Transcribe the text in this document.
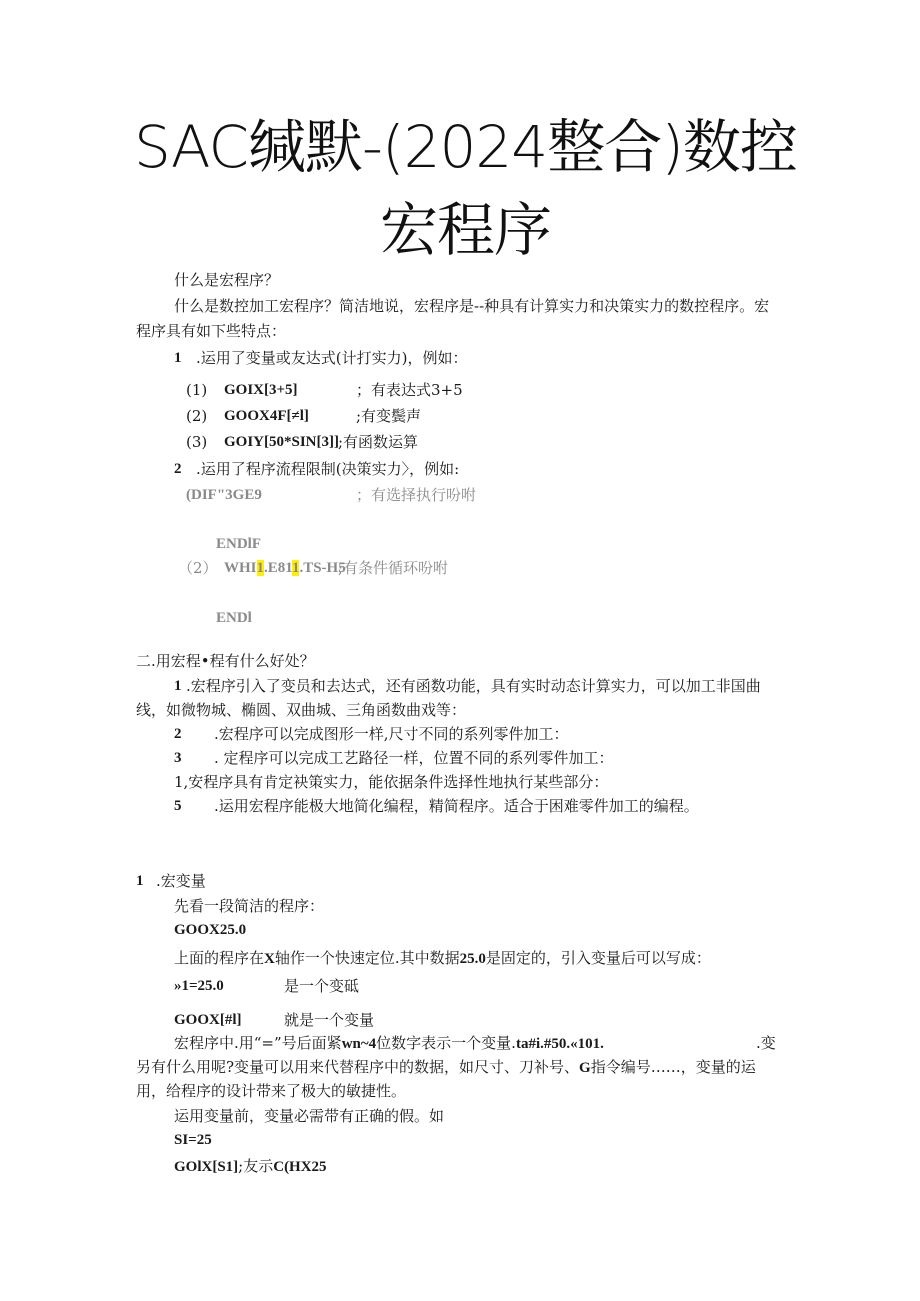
SAC缄默-(2024整合)数控
宏程序
什么是宏程序？
什么是数控加工宏程序？简洁地说，宏程序是--种具有计算实力和决策实力的数控程序。宏
程序具有如下些特点：
1 .运用了变量或友达式(计打实力)，例如：
(1) GOIX[3+5]	；有表达式3+5
(2) GOOX4F[≠l]	;有变鬓声
(3) GOIY[50*SIN[3]] ;有函数运算
2 .运用了程序流程限制(决策实力〉，例如:
(DIF"3GE9	；有选择执行吩咐
ENDlF
（2） WHI1.E811.TS-H5
;有条件循环吩咐
ENDl
二.用宏程•程有什么好处？
1 .宏程序引入了变员和去达式，还有函数功能，具有实时动态计算实力，可以加工非国曲
线，如微物城、椭圆、双曲城、三角函数曲戏等：
2 .宏程序可以完成图形一样,尺寸不同的系列零件加工：
3 . 定程序可以完成工艺路径一样，位置不同的系列零件加工：
1,安程序具有肯定袂策实力，能依据条件选择性地执行某些部分：
5 .运用宏程序能极大地简化编程，精简程序。适合于困难零件加工的编程。
1 .宏变量
先看一段简洁的程序：
GOOX25.0
上面的程序在X轴作一个快速定位.其中数据25.0是固定的，引入变量后可以写成：
»1=25.0	是一个变砥
GOOX[#l]	就是一个变量
宏程序中.用“=”号后面紧wn~4位数字表示一个变量.ta#i.#50.«101.	.变
另有什么用呢?变量可以用来代替程序中的数据，如尺寸、刀补号、G指令编号……，变量的运
用，给程序的设计带来了极大的敏捷性。
运用变量前，变量必需带有正确的假。如
SI=25
GOlX[S1];友示C(HX25
